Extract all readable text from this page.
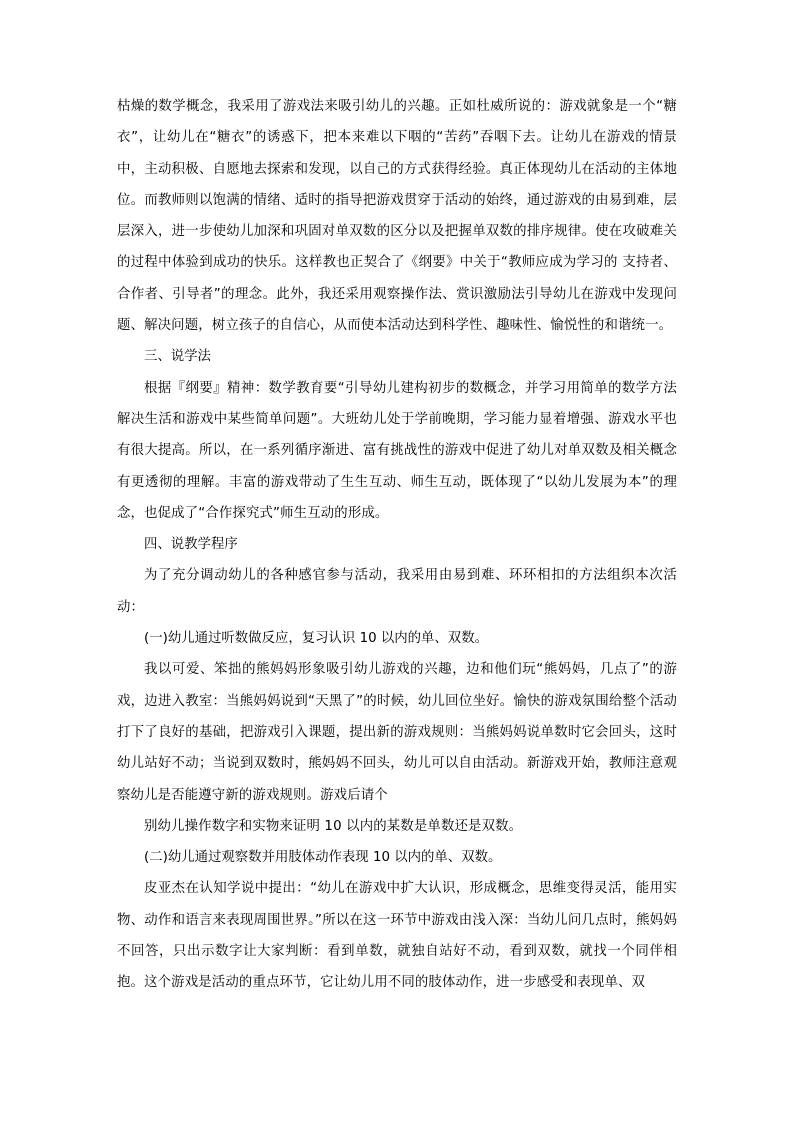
枯燥的数学概念，我采用了游戏法来吸引幼儿的兴趣。正如杜威所说的：游戏就象是一个“糖衣”，让幼儿在“糖衣”的诱惑下，把本来难以下咽的“苦药”吞咽下去。让幼儿在游戏的情景中，主动积极、自愿地去探索和发现，以自己的方式获得经验。真正体现幼儿在活动的主体地位。而教师则以饱满的情绪、适时的指导把游戏贯穿于活动的始终，通过游戏的由易到难，层层深入，进一步使幼儿加深和巩固对单双数的区分以及把握单双数的排序规律。使在攻破难关的过程中体验到成功的快乐。这样教也正契合了《纲要》中关于“教师应成为学习的 支持者、合作者、引导者”的理念。此外，我还采用观察操作法、赏识激励法引导幼儿在游戏中发现问题、解决问题，树立孩子的自信心，从而使本活动达到科学性、趣味性、愉悦性的和谐统一。

三、说学法

根据『纲要』精神：数学教育要“引导幼儿建构初步的数概念，并学习用简单的数学方法解决生活和游戏中某些简单问题”。大班幼儿处于学前晚期，学习能力显着增强、游戏水平也有很大提高。所以，在一系列循序渐进、富有挑战性的游戏中促进了幼儿对单双数及相关概念有更透彻的理解。丰富的游戏带动了生生互动、师生互动，既体现了“以幼儿发展为本”的理念，也促成了“合作探究式”师生互动的形成。

四、说教学程序

为了充分调动幼儿的各种感官参与活动，我采用由易到难、环环相扣的方法组织本次活动：

(一)幼儿通过听数做反应，复习认识 10 以内的单、双数。

我以可爱、笨拙的熊妈妈形象吸引幼儿游戏的兴趣，边和他们玩“熊妈妈，几点了”的游戏，边进入教室：当熊妈妈说到“天黑了”的时候，幼儿回位坐好。愉快的游戏氛围给整个活动打下了良好的基础，把游戏引入课题，提出新的游戏规则：当熊妈妈说单数时它会回头，这时幼儿站好不动；当说到双数时，熊妈妈不回头，幼儿可以自由活动。新游戏开始，教师注意观察幼儿是否能遵守新的游戏规则。游戏后请个

别幼儿操作数字和实物来证明 10 以内的某数是单数还是双数。

(二)幼儿通过观察数并用肢体动作表现 10 以内的单、双数。

皮亚杰在认知学说中提出：“幼儿在游戏中扩大认识，形成概念，思维变得灵活，能用实物、动作和语言来表现周围世界。”所以在这一环节中游戏由浅入深：当幼儿问几点时，熊妈妈不回答，只出示数字让大家判断：看到单数，就独自站好不动，看到双数，就找一个同伴相抱。这个游戏是活动的重点环节，它让幼儿用不同的肢体动作，进一步感受和表现单、双
